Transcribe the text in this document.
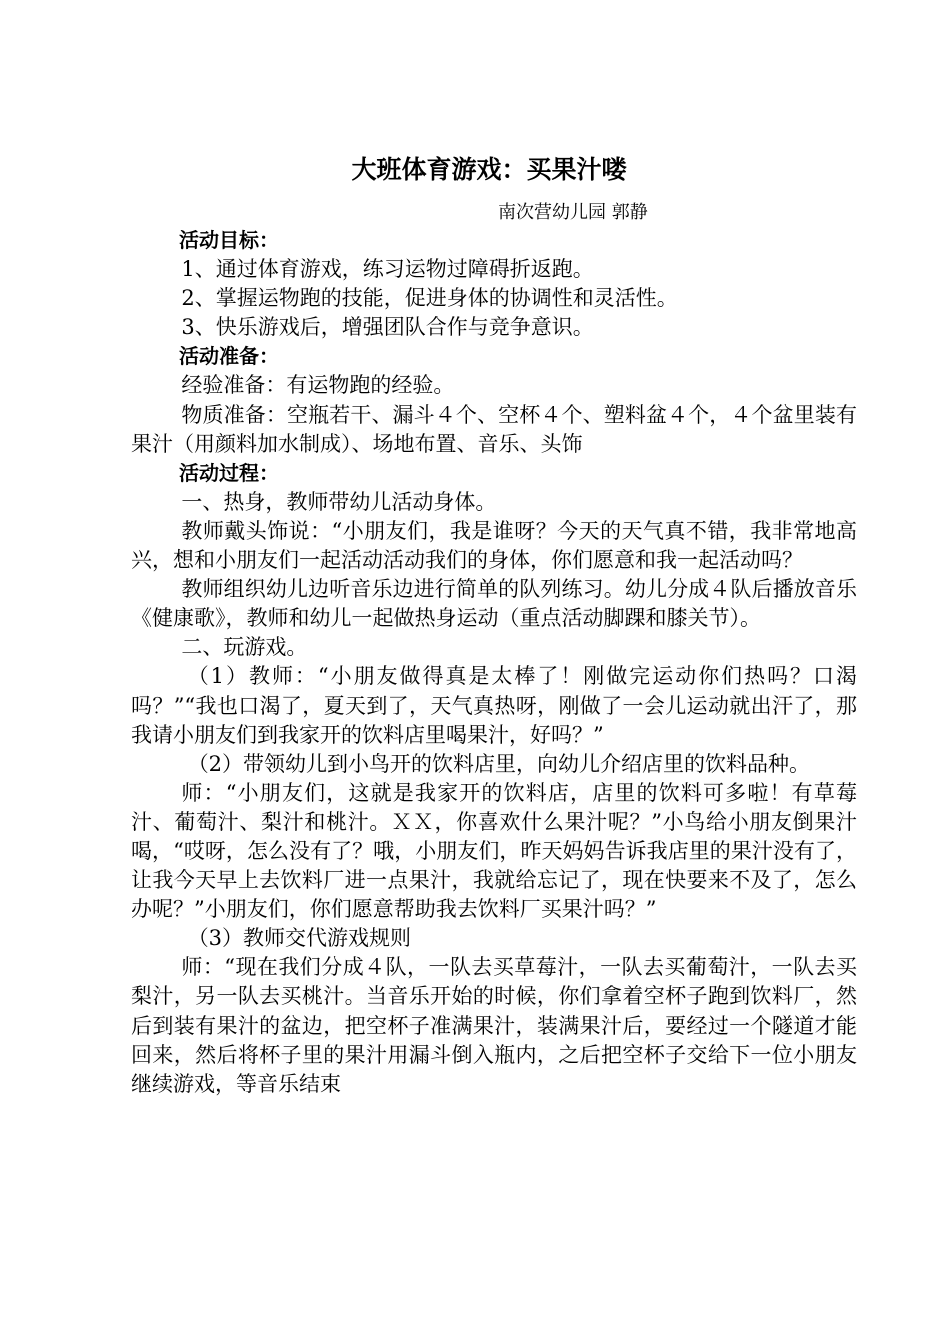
大班体育游戏：买果汁喽

南次营幼儿园 郭静

活动目标：

1、通过体育游戏，练习运物过障碍折返跑。

2、掌握运物跑的技能，促进身体的协调性和灵活性。

3、快乐游戏后，增强团队合作与竞争意识。

活动准备：

经验准备：有运物跑的经验。

物质准备：空瓶若干、漏斗４个、空杯４个、塑料盆４个，４个盆里装有果汁（用颜料加水制成）、场地布置、音乐、头饰

活动过程：

一、热身，教师带幼儿活动身体。

教师戴头饰说：“小朋友们，我是谁呀？今天的天气真不错，我非常地高兴，想和小朋友们一起活动活动我们的身体，你们愿意和我一起活动吗？

教师组织幼儿边听音乐边进行简单的队列练习。幼儿分成４队后播放音乐《健康歌》，教师和幼儿一起做热身运动（重点活动脚踝和膝关节）。

二、玩游戏。

（1）教师：“小朋友做得真是太棒了！刚做完运动你们热吗？口渴吗？”“我也口渴了，夏天到了，天气真热呀，刚做了一会儿运动就出汗了，那我请小朋友们到我家开的饮料店里喝果汁，好吗？”

（2）带领幼儿到小鸟开的饮料店里，向幼儿介绍店里的饮料品种。

师：“小朋友们，这就是我家开的饮料店，店里的饮料可多啦！有草莓汁、葡萄汁、梨汁和桃汁。ＸＸ，你喜欢什么果汁呢？”小鸟给小朋友倒果汁喝，“哎呀，怎么没有了？哦，小朋友们，昨天妈妈告诉我店里的果汁没有了，让我今天早上去饮料厂进一点果汁，我就给忘记了，现在快要来不及了，怎么办呢？”小朋友们，你们愿意帮助我去饮料厂买果汁吗？”

（3）教师交代游戏规则

师：“现在我们分成４队，一队去买草莓汁，一队去买葡萄汁，一队去买梨汁，另一队去买桃汁。当音乐开始的时候，你们拿着空杯子跑到饮料厂，然后到装有果汁的盆边，把空杯子准满果汁，装满果汁后，要经过一个隧道才能回来，然后将杯子里的果汁用漏斗倒入瓶内，之后把空杯子交给下一位小朋友继续游戏，等音乐结束
